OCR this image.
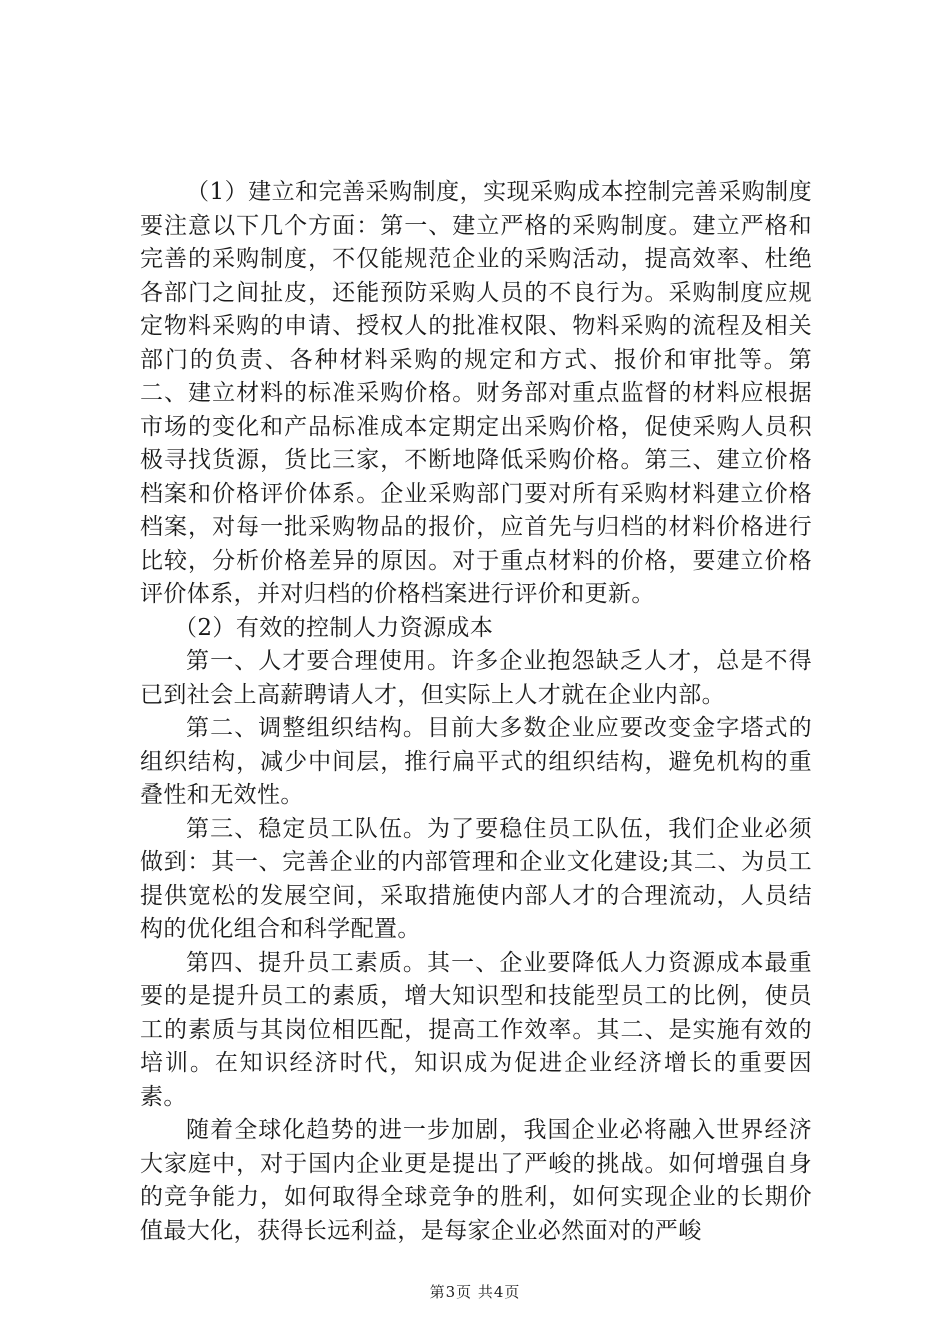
（1）建立和完善采购制度，实现采购成本控制完善采购制度要注意以下几个方面：第一、建立严格的采购制度。建立严格和完善的采购制度，不仅能规范企业的采购活动，提高效率、杜绝各部门之间扯皮，还能预防采购人员的不良行为。采购制度应规定物料采购的申请、授权人的批准权限、物料采购的流程及相关部门的负责、各种材料采购的规定和方式、报价和审批等。第二、建立材料的标准采购价格。财务部对重点监督的材料应根据市场的变化和产品标准成本定期定出采购价格，促使采购人员积极寻找货源，货比三家，不断地降低采购价格。第三、建立价格档案和价格评价体系。企业采购部门要对所有采购材料建立价格档案，对每一批采购物品的报价，应首先与归档的材料价格进行比较，分析价格差异的原因。对于重点材料的价格，要建立价格评价体系，并对归档的价格档案进行评价和更新。

（2）有效的控制人力资源成本

第一、人才要合理使用。许多企业抱怨缺乏人才，总是不得已到社会上高薪聘请人才，但实际上人才就在企业内部。

第二、调整组织结构。目前大多数企业应要改变金字塔式的组织结构，减少中间层，推行扁平式的组织结构，避免机构的重叠性和无效性。

第三、稳定员工队伍。为了要稳住员工队伍，我们企业必须做到：其一、完善企业的内部管理和企业文化建设;其二、为员工提供宽松的发展空间，采取措施使内部人才的合理流动，人员结构的优化组合和科学配置。

第四、提升员工素质。其一、企业要降低人力资源成本最重要的是提升员工的素质，增大知识型和技能型员工的比例，使员工的素质与其岗位相匹配，提高工作效率。其二、是实施有效的培训。在知识经济时代，知识成为促进企业经济增长的重要因素。

随着全球化趋势的进一步加剧，我国企业必将融入世界经济大家庭中，对于国内企业更是提出了严峻的挑战。如何增强自身的竞争能力，如何取得全球竞争的胜利，如何实现企业的长期价值最大化，获得长远利益，是每家企业必然面对的严峻

第3页 共4页
